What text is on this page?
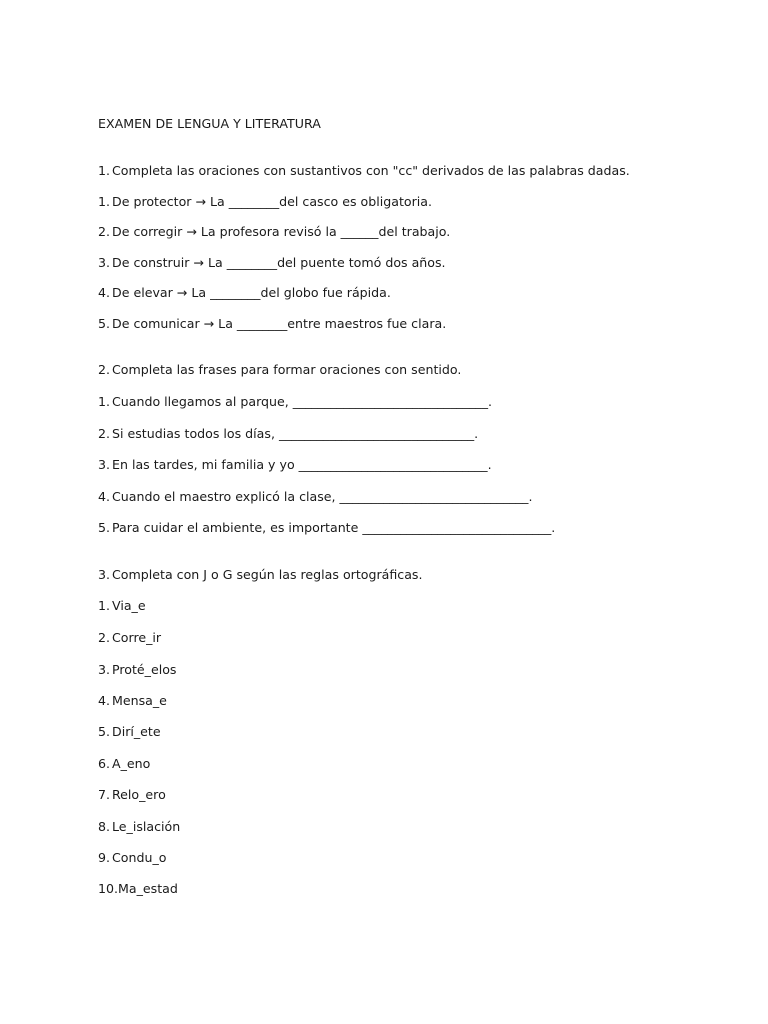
EXAMEN DE LENGUA Y LITERATURA
1. Completa las oraciones con sustantivos con "cc" derivados de las palabras dadas.
1. De protector → La ________del casco es obligatoria.
2. De corregir → La profesora revisó la ______del trabajo.
3. De construir → La ________del puente tomó dos años.
4. De elevar → La ________del globo fue rápida.
5. De comunicar → La ________entre maestros fue clara.
2. Completa las frases para formar oraciones con sentido.
1. Cuando llegamos al parque, _______________________________.
2. Si estudias todos los días, _______________________________.
3. En las tardes, mi familia y yo ______________________________.
4. Cuando el maestro explicó la clase, ______________________________.
5. Para cuidar el ambiente, es importante ______________________________.
3. Completa con J o G según las reglas ortográficas.
1. Via_e
2. Corre_ir
3. Proté_elos
4. Mensa_e
5. Dirí_ete
6. A_eno
7. Relo_ero
8. Le_islación
9. Condu_o
10.Ma_estad
